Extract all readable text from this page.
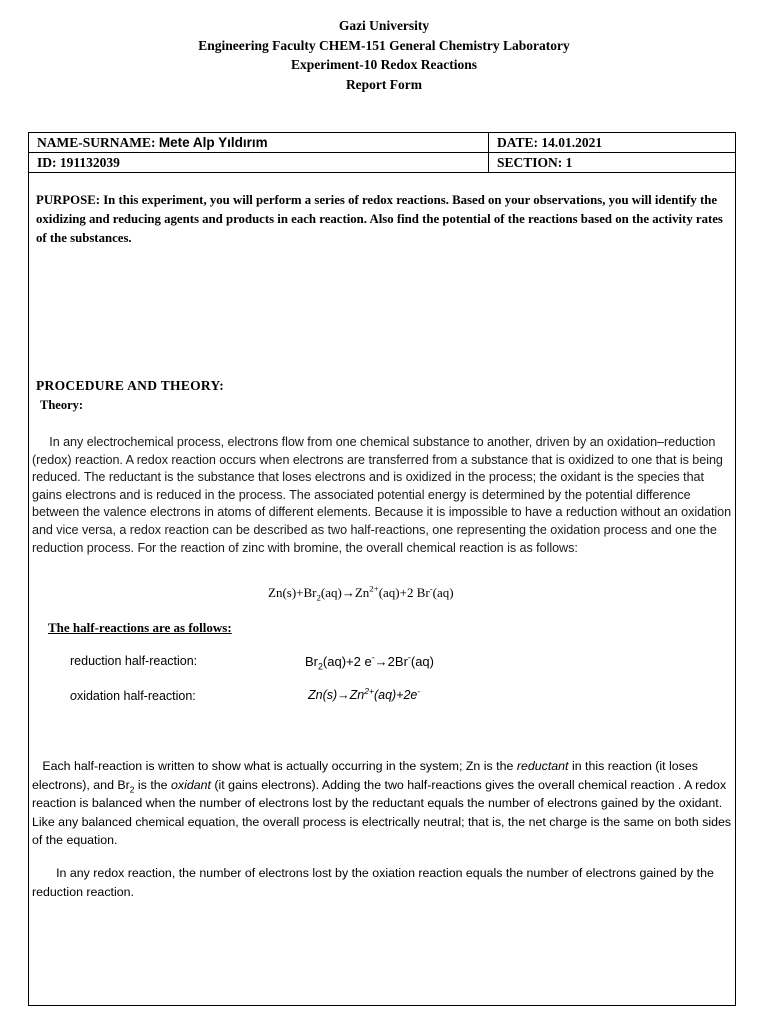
Gazi University
Engineering Faculty CHEM-151 General Chemistry Laboratory
Experiment-10 Redox Reactions
Report Form
NAME-SURNAME: Mete Alp Yıldırım	DATE: 14.01.2021
ID: 191132039	SECTION: 1
PURPOSE: In this experiment, you will perform a series of redox reactions. Based on your observations, you will identify the oxidizing and reducing agents and products in each reaction. Also find the potential of the reactions based on the activity rates of the substances.
PROCEDURE AND THEORY:
Theory:
In any electrochemical process, electrons flow from one chemical substance to another, driven by an oxidation–reduction (redox) reaction. A redox reaction occurs when electrons are transferred from a substance that is oxidized to one that is being reduced. The reductant is the substance that loses electrons and is oxidized in the process; the oxidant is the species that gains electrons and is reduced in the process. The associated potential energy is determined by the potential difference between the valence electrons in atoms of different elements. Because it is impossible to have a reduction without an oxidation and vice versa, a redox reaction can be described as two half-reactions, one representing the oxidation process and one the reduction process. For the reaction of zinc with bromine, the overall chemical reaction is as follows:
$Zn(s)+Br_2(aq)\to Zn^{2+}(aq)+2$ Br-(aq)
The half-reactions are as follows:
reduction half-reaction:	$Br_2(aq)+2$ e-→2Br-(aq)
oxidation half-reaction:	$Zn(s)\to Zn^{2+}(aq)+2e^-$
Each half-reaction is written to show what is actually occurring in the system; Zn is the reductant in this reaction (it loses electrons), and $Br_2$ is the oxidant (it gains electrons). Adding the two half-reactions gives the overall chemical reaction . A redox reaction is balanced when the number of electrons lost by the reductant equals the number of electrons gained by the oxidant. Like any balanced chemical equation, the overall process is electrically neutral; that is, the net charge is the same on both sides of the equation.
In any redox reaction, the number of electrons lost by the oxiation reaction equals the number of electrons gained by the reduction reaction.
